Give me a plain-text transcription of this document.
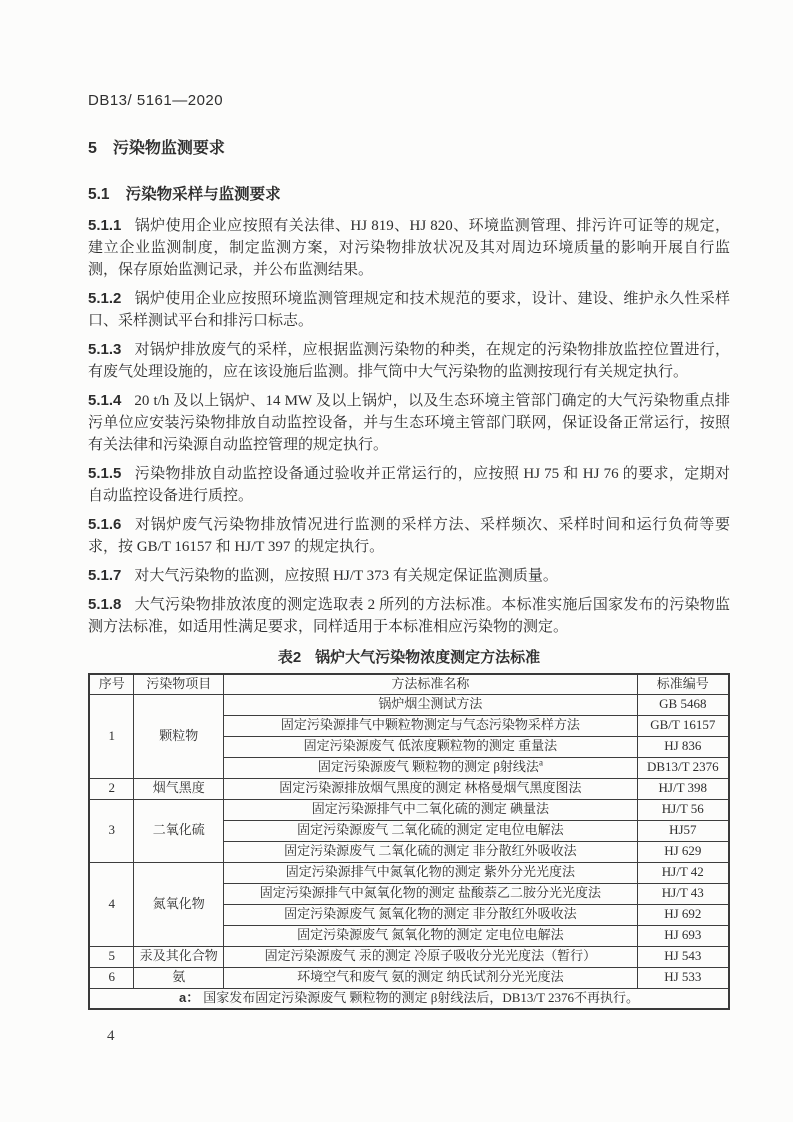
DB13/ 5161—2020
5 污染物监测要求
5.1 污染物采样与监测要求

5.1.1 锅炉使用企业应按照有关法律、HJ 819、HJ 820、环境监测管理、排污许可证等的规定，建立企业监测制度，制定监测方案，对污染物排放状况及其对周边环境质量的影响开展自行监测，保存原始监测记录，并公布监测结果。

5.1.2 锅炉使用企业应按照环境监测管理规定和技术规范的要求，设计、建设、维护永久性采样口、采样测试平台和排污口标志。

5.1.3 对锅炉排放废气的采样，应根据监测污染物的种类，在规定的污染物排放监控位置进行，有废气处理设施的，应在该设施后监测。排气筒中大气污染物的监测按现行有关规定执行。

5.1.4 20 t/h 及以上锅炉、14 MW 及以上锅炉，以及生态环境主管部门确定的大气污染物重点排污单位应安装污染物排放自动监控设备，并与生态环境主管部门联网，保证设备正常运行，按照有关法律和污染源自动监控管理的规定执行。

5.1.5 污染物排放自动监控设备通过验收并正常运行的，应按照 HJ 75 和 HJ 76 的要求，定期对自动监控设备进行质控。

5.1.6 对锅炉废气污染物排放情况进行监测的采样方法、采样频次、采样时间和运行负荷等要求，按 GB/T 16157 和 HJ/T 397 的规定执行。

5.1.7 对大气污染物的监测，应按照 HJ/T 373 有关规定保证监测质量。

5.1.8 大气污染物排放浓度的测定选取表 2 所列的方法标准。本标准实施后国家发布的污染物监测方法标准，如适用性满足要求，同样适用于本标准相应污染物的测定。

表2 锅炉大气污染物浓度测定方法标准
序号	污染物项目	方法标准名称	标准编号
1	颗粒物	锅炉烟尘测试方法	GB 5468
		固定污染源排气中颗粒物测定与气态污染物采样方法	GB/T 16157
		固定污染源废气 低浓度颗粒物的测定 重量法	HJ 836
		固定污染源废气 颗粒物的测定 β射线法$^a$	DB13/T 2376
2	烟气黑度	固定污染源排放烟气黑度的测定 林格曼烟气黑度图法	HJ/T 398
3	二氧化硫	固定污染源排气中二氧化硫的测定 碘量法	HJ/T 56
		固定污染源废气 二氧化硫的测定 定电位电解法	HJ57
		固定污染源废气 二氧化硫的测定 非分散红外吸收法	HJ 629
4	氮氧化物	固定污染源排气中氮氧化物的测定 紫外分光光度法	HJ/T 42
		固定污染源排气中氮氧化物的测定 盐酸萘乙二胺分光光度法	HJ/T 43
		固定污染源废气 氮氧化物的测定 非分散红外吸收法	HJ 692
		固定污染源废气 氮氧化物的测定 定电位电解法	HJ 693
5	汞及其化合物	固定污染源废气 汞的测定 冷原子吸收分光光度法（暂行）	HJ 543
6	氨	环境空气和废气 氨的测定 纳氏试剂分光光度法	HJ 533
a： 国家发布固定污染源废气 颗粒物的测定 β射线法后，DB13/T 2376不再执行。			
4
